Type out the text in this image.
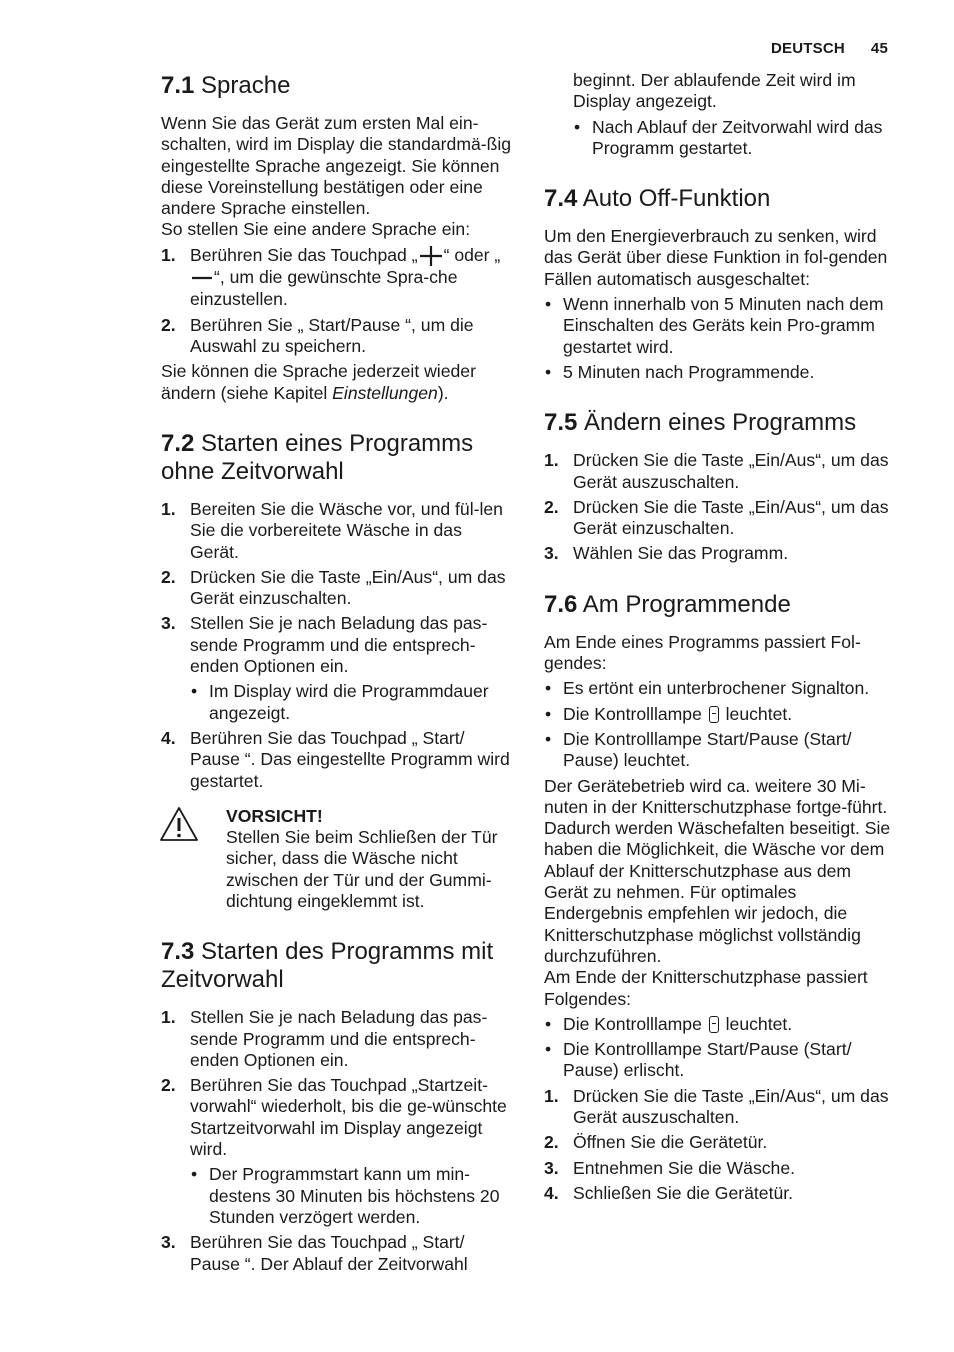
DEUTSCH 45
7.1 Sprache

Wenn Sie das Gerät zum ersten Mal ein-schalten, wird im Display die standardmä-ßig eingestellte Sprache angezeigt. Sie können diese Voreinstellung bestätigen oder eine andere Sprache einstellen.

So stellen Sie eine andere Sprache ein:

1. Berühren Sie das Touchpad „ “ oder „“, um die gewünschte Spra-che einzustellen.
2. Berühren Sie „ Start/Pause “, um die Auswahl zu speichern.

Sie können die Sprache jederzeit wieder ändern (siehe Kapitel Einstellungen).

7.2 Starten eines Programms ohne Zeitvorwahl
1. Bereiten Sie die Wäsche vor, und fül-len Sie die vorbereitete Wäsche in das Gerät.
2. Drücken Sie die Taste „Ein/Aus“, um das Gerät einzuschalten.
3. Stellen Sie je nach Beladung das pas-sende Programm und die entsprech-enden Optionen ein.
• Im Display wird die Programmdauer angezeigt.
4. Berühren Sie das Touchpad „ Start/ Pause “. Das eingestellte Programm wird gestartet.
VORSICHT!
Stellen Sie beim Schließen der Tür sicher, dass die Wäsche nicht zwischen der Tür und der Gummi-dichtung eingeklemmt ist.
7.3 Starten des Programms mit Zeitvorwahl
1. Stellen Sie je nach Beladung das pas-sende Programm und die entsprech-enden Optionen ein.
2. Berühren Sie das Touchpad „Startzeit-vorwahl“ wiederholt, bis die ge-wünschte Startzeitvorwahl im Display angezeigt wird.
• Der Programmstart kann um min-destens 30 Minuten bis höchstens 20 Stunden verzögert werden.
3. Berühren Sie das Touchpad „ Start/ Pause “. Der Ablauf der Zeitvorwahl

beginnt. Der ablaufende Zeit wird im Display angezeigt.

• Nach Ablauf der Zeitvorwahl wird das Programm gestartet.
7.4 Auto Off-Funktion

Um den Energieverbrauch zu senken, wird das Gerät über diese Funktion in fol-genden Fällen automatisch ausgeschaltet:

• Wenn innerhalb von 5 Minuten nach dem Einschalten des Geräts kein Pro-gramm gestartet wird.
• 5 Minuten nach Programmende.
7.5 Ändern eines Programms
1. Drücken Sie die Taste „Ein/Aus“, um das Gerät auszuschalten.
2. Drücken Sie die Taste „Ein/Aus“, um das Gerät einzuschalten.
3. Wählen Sie das Programm.
7.6 Am Programmende

Am Ende eines Programms passiert Fol-gendes:

• Es ertönt ein unterbrochener Signalton.
• Die Kontrolllampe  leuchtet.
• Die Kontrolllampe Start/Pause (Start/ Pause) leuchtet.

Der Gerätebetrieb wird ca. weitere 30 Mi-nuten in der Knitterschutzphase fortge-führt.

Dadurch werden Wäschefalten beseitigt. Sie haben die Möglichkeit, die Wäsche vor dem Ablauf der Knitterschutzphase aus dem Gerät zu nehmen. Für optimales Endergebnis empfehlen wir jedoch, die Knitterschutzphase möglichst vollständig durchzuführen.

Am Ende der Knitterschutzphase passiert Folgendes:

• Die Kontrolllampe  leuchtet.
• Die Kontrolllampe Start/Pause (Start/ Pause) erlischt.
1. Drücken Sie die Taste „Ein/Aus“, um das Gerät auszuschalten.
2. Öffnen Sie die Gerätetür.
3. Entnehmen Sie die Wäsche.
4. Schließen Sie die Gerätetür.
